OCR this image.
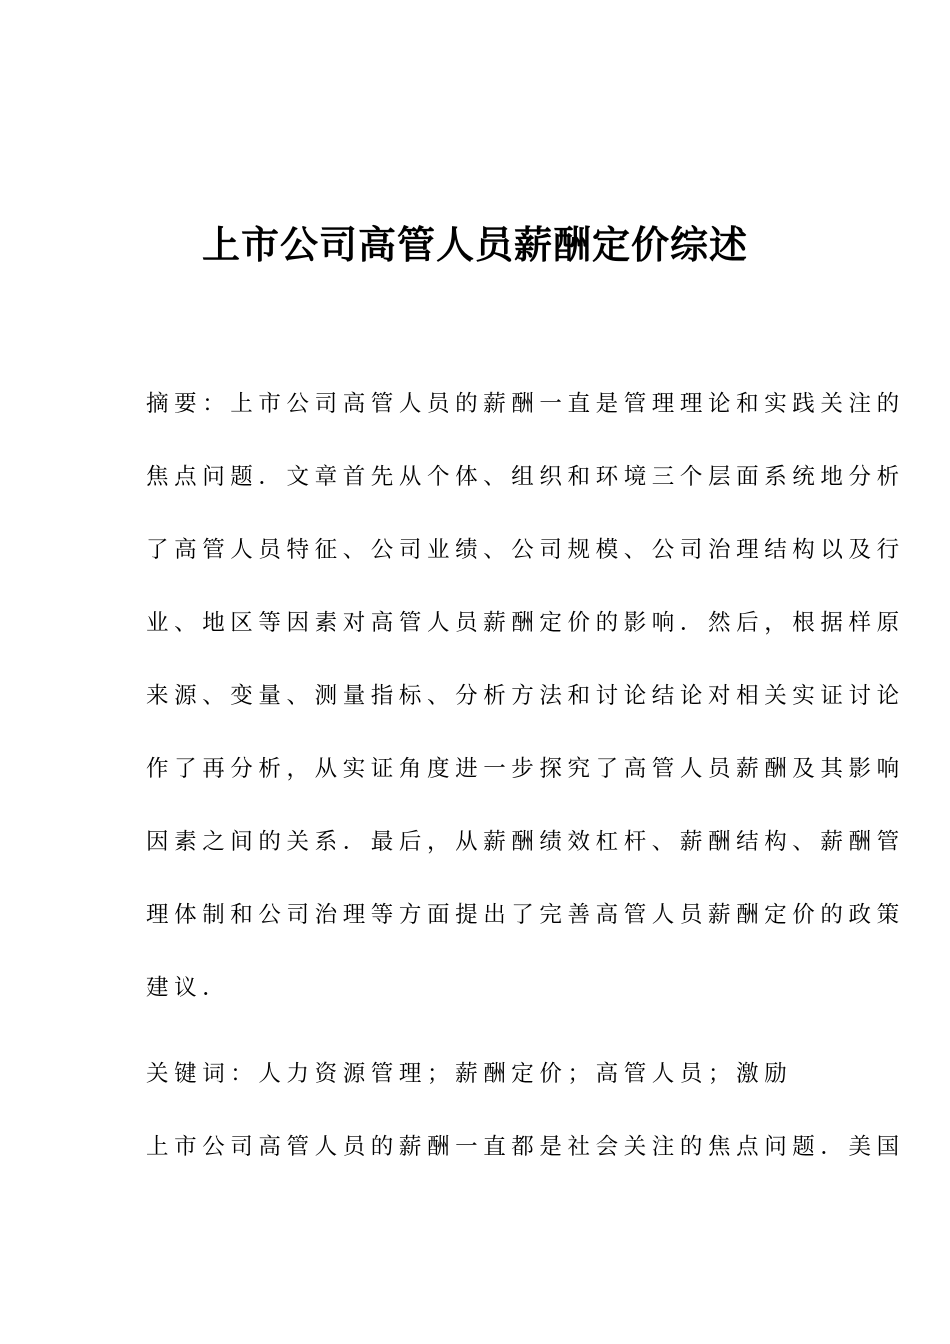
上市公司高管人员薪酬定价综述

摘要：上市公司高管人员的薪酬一直是管理理论和实践关注的

焦点问题．文章首先从个体、组织和环境三个层面系统地分析

了高管人员特征、公司业绩、公司规模、公司治理结构以及行

业、地区等因素对高管人员薪酬定价的影响．然后，根据样原

来源、变量、测量指标、分析方法和讨论结论对相关实证讨论

作了再分析，从实证角度进一步探究了高管人员薪酬及其影响

因素之间的关系．最后，从薪酬绩效杠杆、薪酬结构、薪酬管

理体制和公司治理等方面提出了完善高管人员薪酬定价的政策

建议．

关键词：人力资源管理；薪酬定价；高管人员；激励

上市公司高管人员的薪酬一直都是社会关注的焦点问题．美国
